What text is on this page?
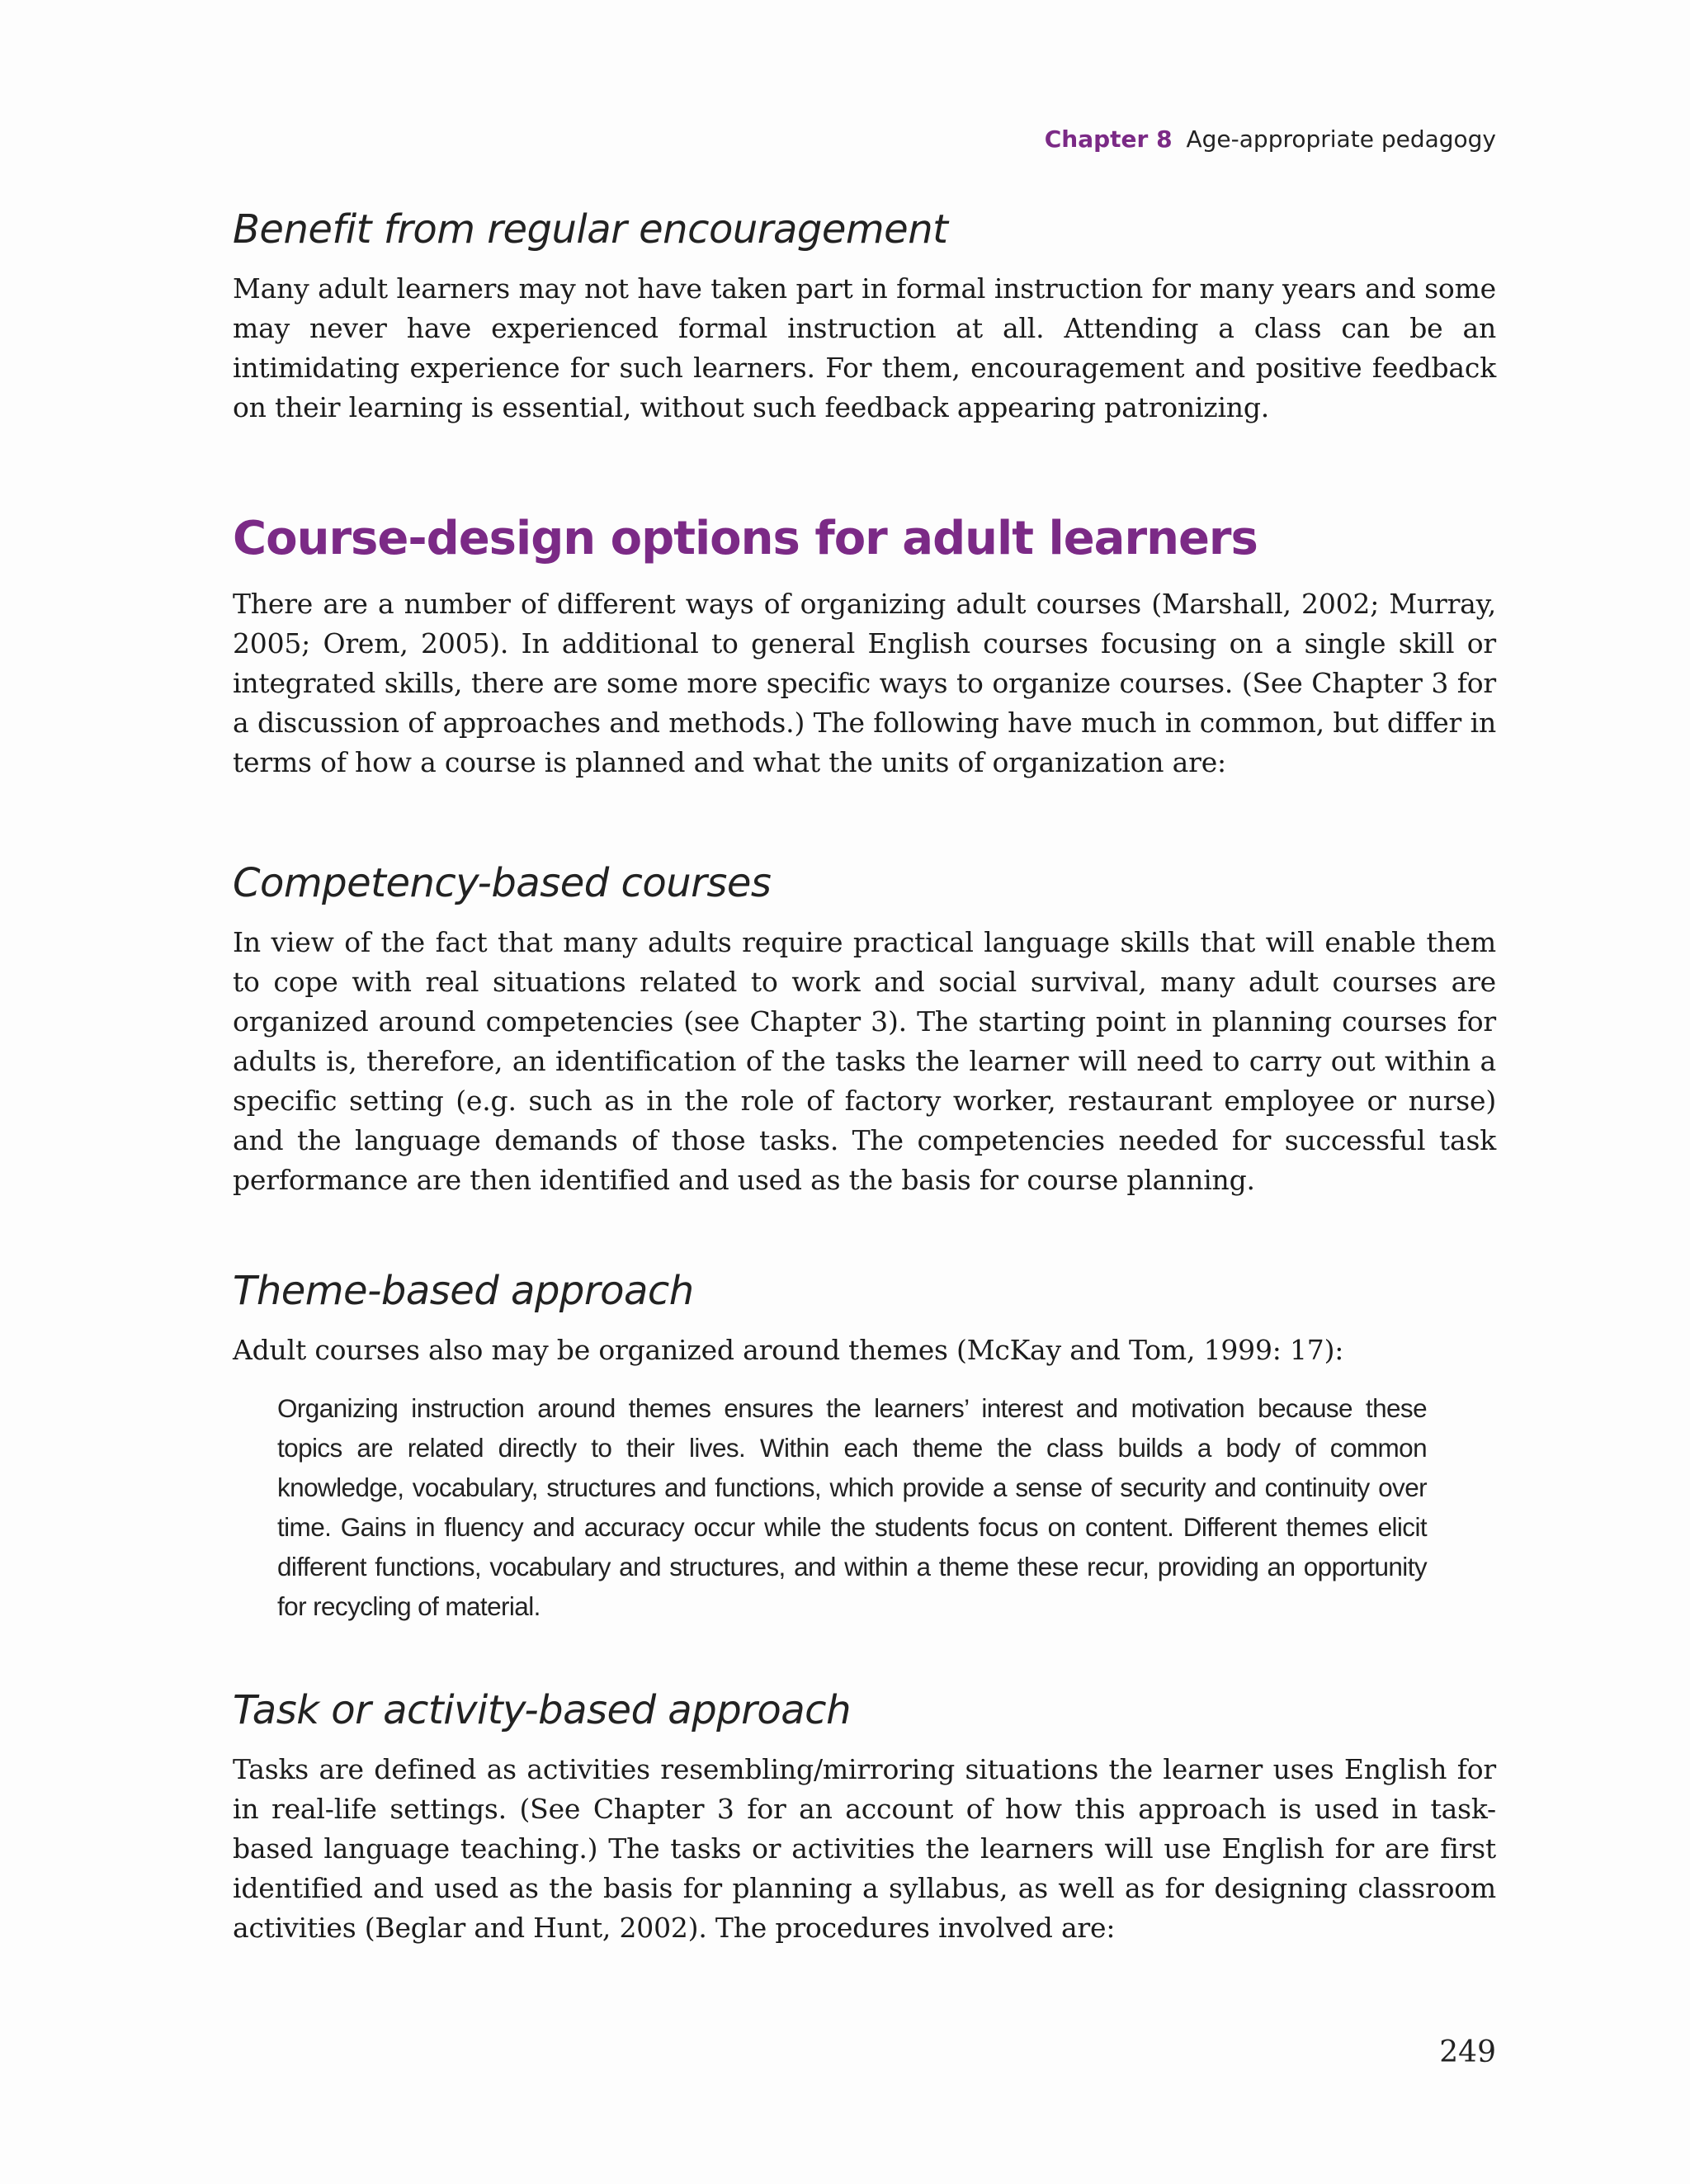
Chapter 8 Age-appropriate pedagogy
Benefit from regular encouragement

Many adult learners may not have taken part in formal instruction for many years and some may never have experienced formal instruction at all. Attending a class can be an intimidating experience for such learners. For them, encouragement and positive feedback on their learning is essential, without such feedback appearing patronizing.

Course-design options for adult learners

There are a number of different ways of organizing adult courses (Marshall, 2002; Murray, 2005; Orem, 2005). In additional to general English courses focusing on a single skill or integrated skills, there are some more specific ways to organize courses. (See Chapter 3 for a discussion of approaches and methods.) The following have much in common, but differ in terms of how a course is planned and what the units of organization are:

Competency-based courses

In view of the fact that many adults require practical language skills that will enable them to cope with real situations related to work and social survival, many adult courses are organized around competencies (see Chapter 3). The starting point in planning courses for adults is, therefore, an identification of the tasks the learner will need to carry out within a specific setting (e.g. such as in the role of factory worker, restaurant employee or nurse) and the language demands of those tasks. The competencies needed for successful task performance are then identified and used as the basis for course planning.

Theme-based approach

Adult courses also may be organized around themes (McKay and Tom, 1999: 17):

Organizing instruction around themes ensures the learners’ interest and motivation because these topics are related directly to their lives. Within each theme the class builds a body of common knowledge, vocabulary, structures and functions, which provide a sense of security and continuity over time. Gains in fluency and accuracy occur while the students focus on content. Different themes elicit different functions, vocabulary and structures, and within a theme these recur, providing an opportunity for recycling of material.
Task or activity-based approach

Tasks are defined as activities resembling/mirroring situations the learner uses English for in real-life settings. (See Chapter 3 for an account of how this approach is used in task-based language teaching.) The tasks or activities the learners will use English for are first identified and used as the basis for planning a syllabus, as well as for designing classroom activities (Beglar and Hunt, 2002). The procedures involved are:

249
